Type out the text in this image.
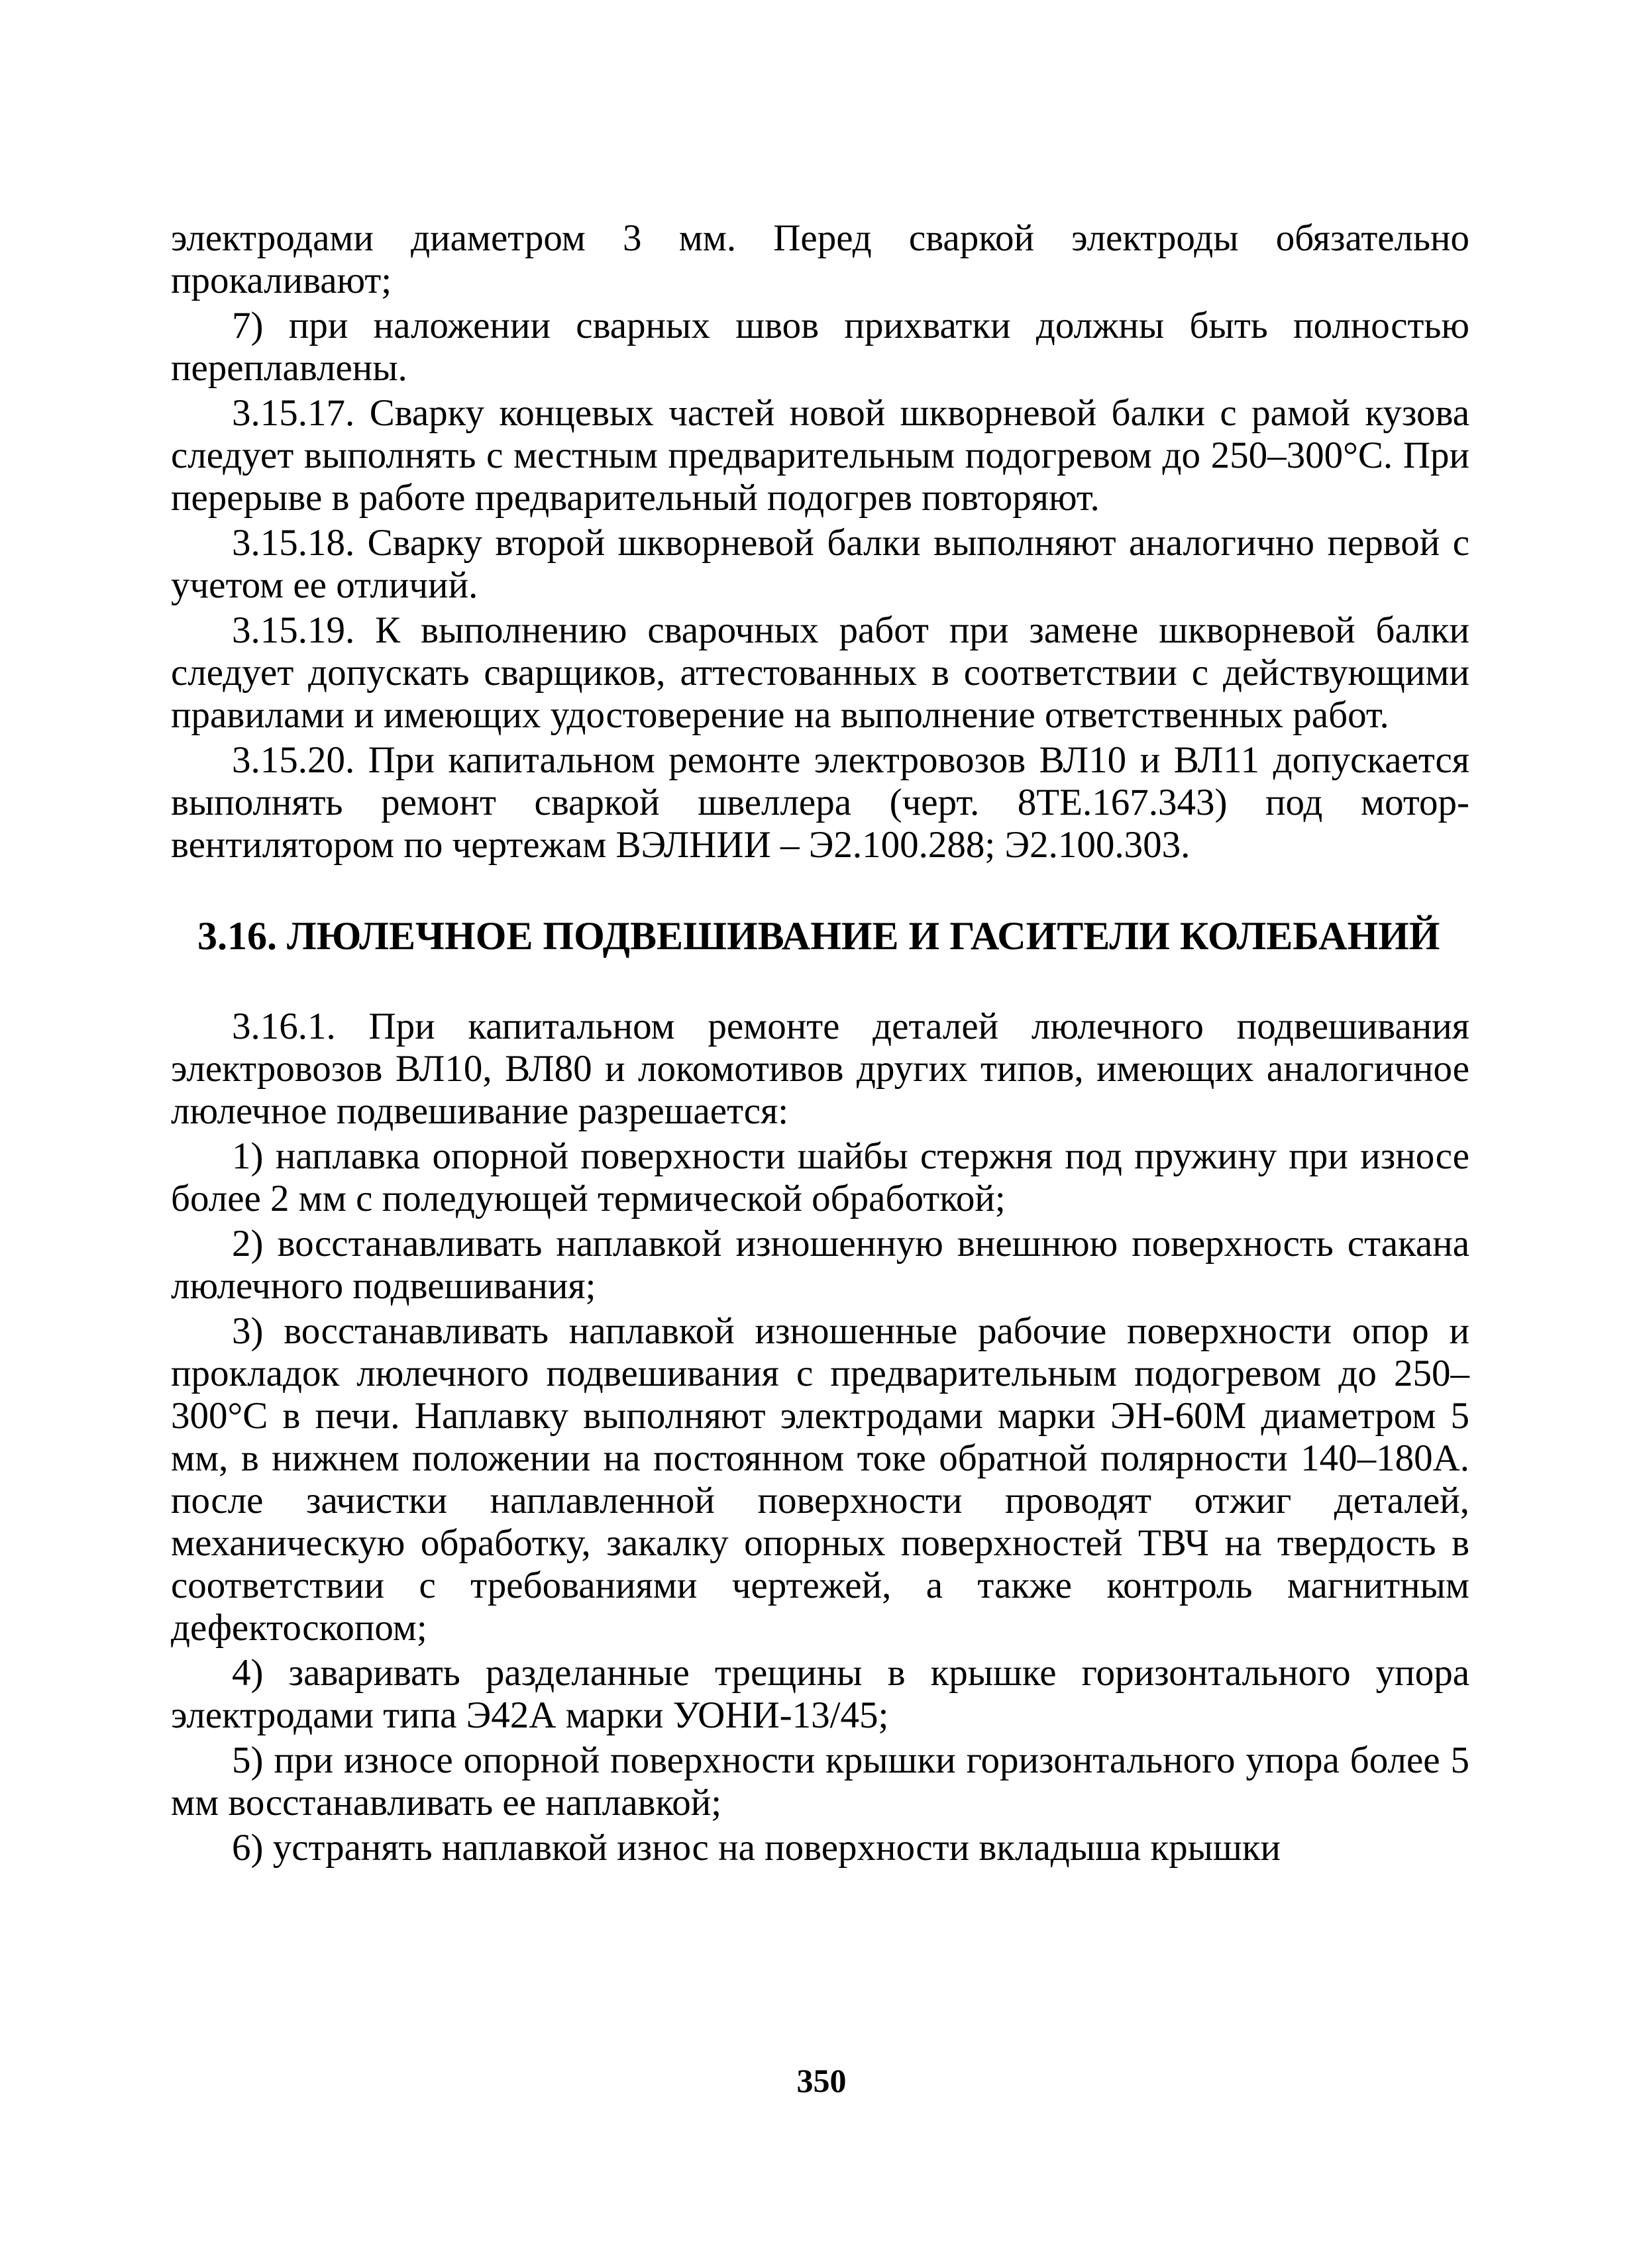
электродами диаметром 3 мм. Перед сваркой электроды обязательно прокаливают;

7) при наложении сварных швов прихватки должны быть полностью переплавлены.

3.15.17. Сварку концевых частей новой шкворневой балки с рамой кузова следует выполнять с местным предварительным подогревом до 250–300°С. При перерыве в работе предварительный подогрев повторяют.

3.15.18. Сварку второй шкворневой балки выполняют аналогично первой с учетом ее отличий.

3.15.19. К выполнению сварочных работ при замене шкворневой балки следует допускать сварщиков, аттестованных в соответствии с действующими правилами и имеющих удостоверение на выполнение ответственных работ.

3.15.20. При капитальном ремонте электровозов ВЛ10 и ВЛ11 допускается выполнять ремонт сваркой швеллера (черт. 8ТЕ.167.343) под мотор-вентилятором по чертежам ВЭЛНИИ – Э2.100.288; Э2.100.303.

3.16. ЛЮЛЕЧНОЕ ПОДВЕШИВАНИЕ И ГАСИТЕЛИ КОЛЕБАНИЙ

3.16.1. При капитальном ремонте деталей люлечного подвешивания электровозов ВЛ10, ВЛ80 и локомотивов других типов, имеющих аналогичное люлечное подвешивание разрешается:

1) наплавка опорной поверхности шайбы стержня под пружину при износе более 2 мм с поледующей термической обработкой;

2) восстанавливать наплавкой изношенную внешнюю поверхность стакана люлечного подвешивания;

3) восстанавливать наплавкой изношенные рабочие поверхности опор и прокладок люлечного подвешивания с предварительным подогревом до 250–300°С в печи. Наплавку выполняют электродами марки ЭН-60М диаметром 5 мм, в нижнем положении на постоянном токе обратной полярности 140–180А. после зачистки наплавленной поверхности проводят отжиг деталей, механическую обработку, закалку опорных поверхностей ТВЧ на твердость в соответствии с требованиями чертежей, а также контроль магнитным дефектоскопом;

4) заваривать разделанные трещины в крышке горизонтального упора электродами типа Э42А марки УОНИ-13/45;

5) при износе опорной поверхности крышки горизонтального упора более 5 мм восстанавливать ее наплавкой;

6) устранять наплавкой износ на поверхности вкладыша крышки

350
